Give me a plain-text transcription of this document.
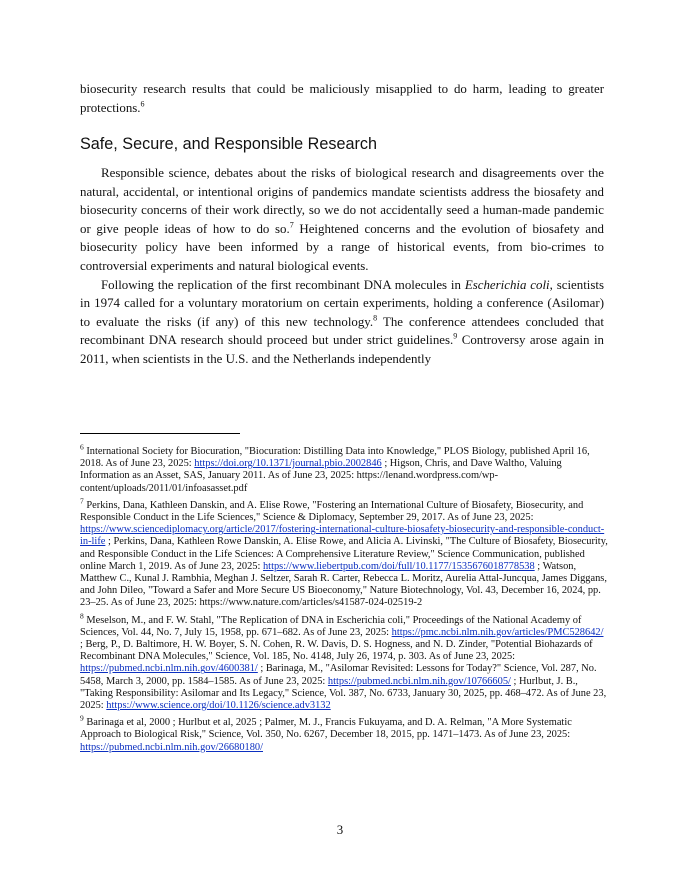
biosecurity research results that could be maliciously misapplied to do harm, leading to greater protections.$^6$

Safe, Secure, and Responsible Research

Responsible science, debates about the risks of biological research and disagreements over the natural, accidental, or intentional origins of pandemics mandate scientists address the biosafety and biosecurity concerns of their work directly, so we do not accidentally seed a human-made pandemic or give people ideas of how to do so.$^7$ Heightened concerns and the evolution of biosafety and biosecurity policy have been informed by a range of historical events, from bio-crimes to controversial experiments and natural biological events.

Following the replication of the first recombinant DNA molecules in Escherichia coli, scientists in 1974 called for a voluntary moratorium on certain experiments, holding a conference (Asilomar) to evaluate the risks (if any) of this new technology.$^8$ The conference attendees concluded that recombinant DNA research should proceed but under strict guidelines.$^9$ Controversy arose again in 2011, when scientists in the U.S. and the Netherlands independently

$^6$ International Society for Biocuration, "Biocuration: Distilling Data into Knowledge," PLOS Biology, published April 16, 2018. As of June 23, 2025: https://doi.org/10.1371/journal.pbio.2002846 ; Higson, Chris, and Dave Waltho, Valuing Information as an Asset, SAS, January 2011. As of June 23, 2025: https://lenand.wordpress.com/wp-content/uploads/2011/01/infoasasset.pdf

$^7$ Perkins, Dana, Kathleen Danskin, and A. Elise Rowe, "Fostering an International Culture of Biosafety, Biosecurity, and Responsible Conduct in the Life Sciences," Science & Diplomacy, September 29, 2017. As of June 23, 2025: https://www.sciencediplomacy.org/article/2017/fostering-international-culture-biosafety-biosecurity-and-responsible-conduct-in-life ; Perkins, Dana, Kathleen Rowe Danskin, A. Elise Rowe, and Alicia A. Livinski, "The Culture of Biosafety, Biosecurity, and Responsible Conduct in the Life Sciences: A Comprehensive Literature Review," Science Communication, published online March 1, 2019. As of June 23, 2025: https://www.liebertpub.com/doi/full/10.1177/1535676018778538 ; Watson, Matthew C., Kunal J. Rambhia, Meghan J. Seltzer, Sarah R. Carter, Rebecca L. Moritz, Aurelia Attal-Juncqua, James Diggans, and John Dileo, "Toward a Safer and More Secure US Bioeconomy," Nature Biotechnology, Vol. 43, December 16, 2024, pp. 23–25. As of June 23, 2025: https://www.nature.com/articles/s41587-024-02519-2

$^8$ Meselson, M., and F. W. Stahl, "The Replication of DNA in Escherichia coli," Proceedings of the National Academy of Sciences, Vol. 44, No. 7, July 15, 1958, pp. 671–682. As of June 23, 2025: https://pmc.ncbi.nlm.nih.gov/articles/PMC528642/ ; Berg, P., D. Baltimore, H. W. Boyer, S. N. Cohen, R. W. Davis, D. S. Hogness, and N. D. Zinder, "Potential Biohazards of Recombinant DNA Molecules," Science, Vol. 185, No. 4148, July 26, 1974, p. 303. As of June 23, 2025: https://pubmed.ncbi.nlm.nih.gov/4600381/ ; Barinaga, M., "Asilomar Revisited: Lessons for Today?" Science, Vol. 287, No. 5458, March 3, 2000, pp. 1584–1585. As of June 23, 2025: https://pubmed.ncbi.nlm.nih.gov/10766605/ ; Hurlbut, J. B., "Taking Responsibility: Asilomar and Its Legacy," Science, Vol. 387, No. 6733, January 30, 2025, pp. 468–472. As of June 23, 2025: https://www.science.org/doi/10.1126/science.adv3132

$^9$ Barinaga et al, 2000 ; Hurlbut et al, 2025 ; Palmer, M. J., Francis Fukuyama, and D. A. Relman, "A More Systematic Approach to Biological Risk," Science, Vol. 350, No. 6267, December 18, 2015, pp. 1471–1473. As of June 23, 2025: https://pubmed.ncbi.nlm.nih.gov/26680180/

3
